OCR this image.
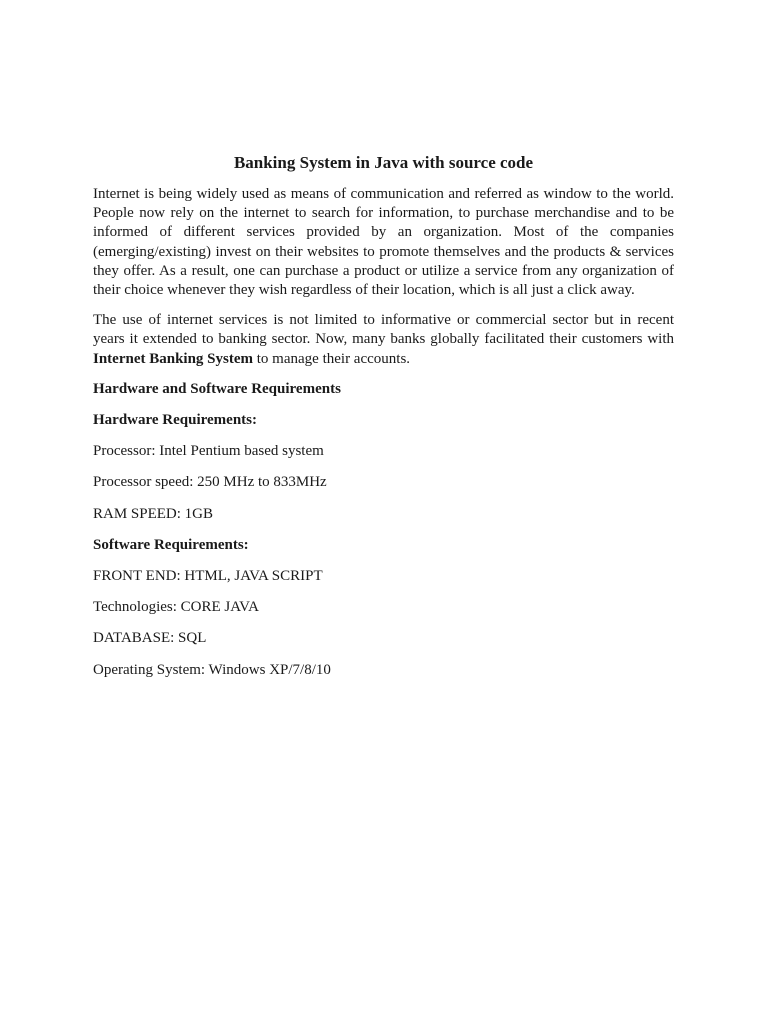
Banking System in Java with source code

Internet is being widely used as means of communication and referred as window to the world. People now rely on the internet to search for information, to purchase merchandise and to be informed of different services provided by an organization. Most of the companies (emerging/existing) invest on their websites to promote themselves and the products & services they offer. As a result, one can purchase a product or utilize a service from any organization of their choice whenever they wish regardless of their location, which is all just a click away.

The use of internet services is not limited to informative or commercial sector but in recent years it extended to banking sector. Now, many banks globally facilitated their customers with Internet Banking System to manage their accounts.

Hardware and Software Requirements

Hardware Requirements:

Processor: Intel Pentium based system

Processor speed: 250 MHz to 833MHz

RAM SPEED: 1GB

Software Requirements:

FRONT END: HTML, JAVA SCRIPT

Technologies: CORE JAVA

DATABASE: SQL

Operating System: Windows XP/7/8/10
